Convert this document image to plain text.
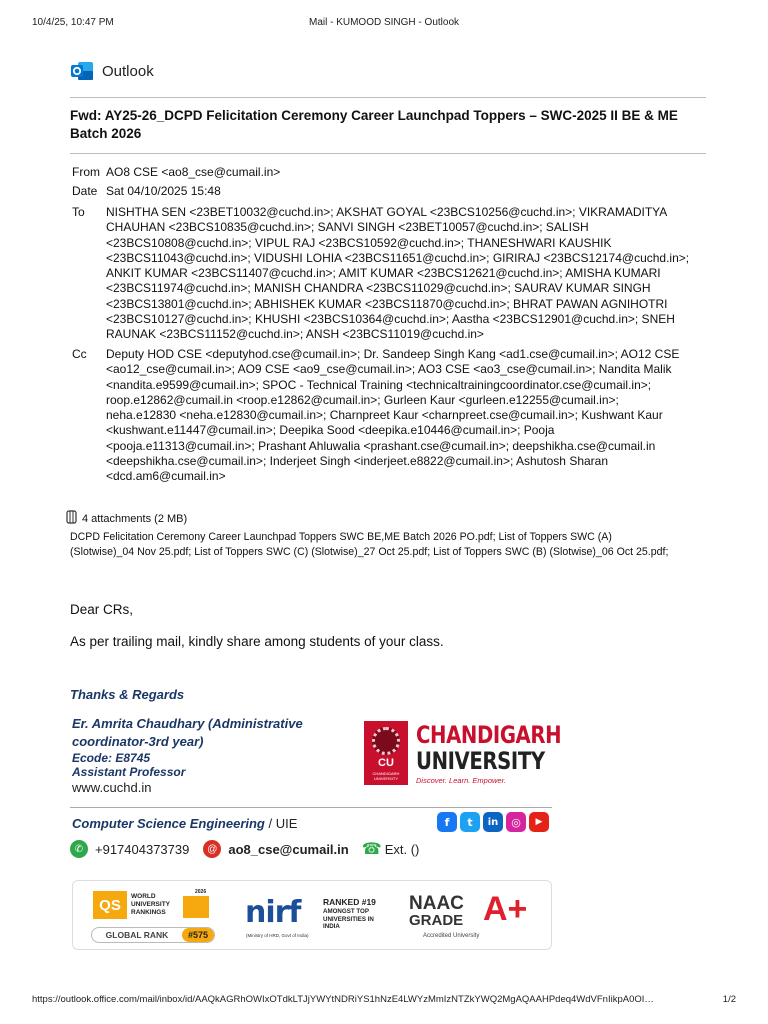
10/4/25, 10:47 PM	Mail - KUMOOD SINGH - Outlook
Outlook
Fwd: AY25-26_DCPD Felicitation Ceremony Career Launchpad Toppers – SWC-2025 II BE & ME Batch 2026
From AO8 CSE <ao8_cse@cumail.in>
Date Sat 04/10/2025 15:48
To NISHTHA SEN <23BET10032@cuchd.in>; AKSHAT GOYAL <23BCS10256@cuchd.in>; VIKRAMADITYA
CHAUHAN <23BCS10835@cuchd.in>; SANVI SINGH <23BET10057@cuchd.in>; SALISH
<23BCS10808@cuchd.in>; VIPUL RAJ <23BCS10592@cuchd.in>; THANESHWARI KAUSHIK
<23BCS11043@cuchd.in>; VIDUSHI LOHIA <23BCS11651@cuchd.in>; GIRIRAJ <23BCS12174@cuchd.in>;
ANKIT KUMAR <23BCS11407@cuchd.in>; AMIT KUMAR <23BCS12621@cuchd.in>; AMISHA KUMARI
<23BCS11974@cuchd.in>; MANISH CHANDRA <23BCS11029@cuchd.in>; SAURAV KUMAR SINGH
<23BCS13801@cuchd.in>; ABHISHEK KUMAR <23BCS11870@cuchd.in>; BHRAT PAWAN AGNIHOTRI
<23BCS10127@cuchd.in>; KHUSHI <23BCS10364@cuchd.in>; Aastha <23BCS12901@cuchd.in>; SNEH
RAUNAK <23BCS11152@cuchd.in>; ANSH <23BCS11019@cuchd.in>
Cc Deputy HOD CSE <deputyhod.cse@cumail.in>; Dr. Sandeep Singh Kang <ad1.cse@cumail.in>; AO12 CSE
<ao12_cse@cumail.in>; AO9 CSE <ao9_cse@cumail.in>; AO3 CSE <ao3_cse@cumail.in>; Nandita Malik
<nandita.e9599@cumail.in>; SPOC - Technical Training <technicaltrainingcoordinator.cse@cumail.in>;
roop.e12862@cumail.in <roop.e12862@cumail.in>; Gurleen Kaur <gurleen.e12255@cumail.in>;
neha.e12830 <neha.e12830@cumail.in>; Charnpreet Kaur <charnpreet.cse@cumail.in>; Kushwant Kaur
<kushwant.e11447@cumail.in>; Deepika Sood <deepika.e10446@cumail.in>; Pooja
<pooja.e11313@cumail.in>; Prashant Ahluwalia <prashant.cse@cumail.in>; deepshikha.cse@cumail.in
<deepshikha.cse@cumail.in>; Inderjeet Singh <inderjeet.e8822@cumail.in>; Ashutosh Sharan
<dcd.am6@cumail.in>
4 attachments (2 MB)
DCPD Felicitation Ceremony Career Launchpad Toppers SWC BE,ME Batch 2026 PO.pdf; List of Toppers SWC (A)
(Slotwise)_04 Nov 25.pdf; List of Toppers SWC (C) (Slotwise)_27 Oct 25.pdf; List of Toppers SWC (B) (Slotwise)_06 Oct 25.pdf;
Dear CRs,
As per trailing mail, kindly share among students of your class.
Thanks & Regards
Er. Amrita Chaudhary (Administrative
coordinator-3rd year)
Ecode: E8745
Assistant Professor
www.cuchd.in
CU
CHANDIGARH UNIVERSITY
CHANDIGARH
UNIVERSITY
Discover. Learn. Empower.
Computer Science Engineering / UIE	f	t	in	◎	▶
✆ +917404373739	@ ao8_cse@cumail.in ☎ Ext. ()
QS	WORLD UNIVERSITY RANKINGS
2026
GLOBAL RANK	#575
nirf
(Ministry of HRD, Govt of India)
RANKED #19
AMONGST TOP UNIVERSITIES IN INDIA
NAAC
GRADE A+
Accredited University
https://outlook.office.com/mail/inbox/id/AAQkAGRhOWIxOTdkLTJjYWYtNDRiYS1hNzE4LWYzMmIzNTZkYWQ2MgAQAAHPdeq4WdVFnIikpA0OI…	1/2
